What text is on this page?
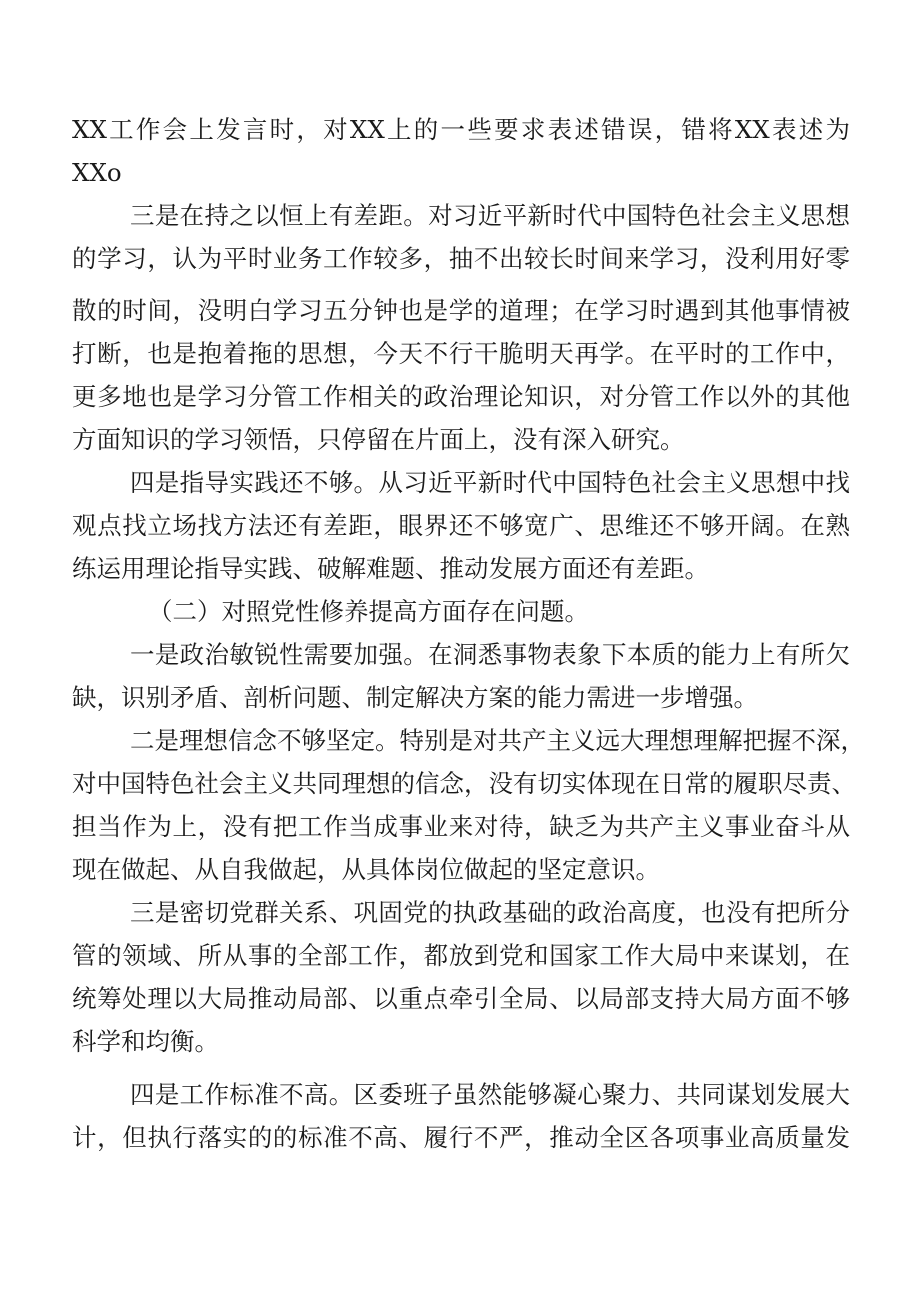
XX工作会上发言时，对XX上的一些要求表述错误，错将XX表述为
XXo
三是在持之以恒上有差距。对习近平新时代中国特色社会主义思想
的学习，认为平时业务工作较多，抽不出较长时间来学习，没利用好零
散的时间，没明白学习五分钟也是学的道理；在学习时遇到其他事情被
打断，也是抱着拖的思想，今天不行干脆明天再学。在平时的工作中，
更多地也是学习分管工作相关的政治理论知识，对分管工作以外的其他
方面知识的学习领悟，只停留在片面上，没有深入研究。
四是指导实践还不够。从习近平新时代中国特色社会主义思想中找
观点找立场找方法还有差距，眼界还不够宽广、思维还不够开阔。在熟
练运用理论指导实践、破解难题、推动发展方面还有差距。
（二）对照党性修养提高方面存在问题。
一是政治敏锐性需要加强。在洞悉事物表象下本质的能力上有所欠
缺，识别矛盾、剖析问题、制定解决方案的能力需进一步增强。
二是理想信念不够坚定。特别是对共产主义远大理想理解把握不深，
对中国特色社会主义共同理想的信念，没有切实体现在日常的履职尽责、
担当作为上，没有把工作当成事业来对待，缺乏为共产主义事业奋斗从
现在做起、从自我做起，从具体岗位做起的坚定意识。
三是密切党群关系、巩固党的执政基础的政治高度，也没有把所分
管的领域、所从事的全部工作，都放到党和国家工作大局中来谋划，在
统筹处理以大局推动局部、以重点牵引全局、以局部支持大局方面不够
科学和均衡。
四是工作标准不高。区委班子虽然能够凝心聚力、共同谋划发展大
计，但执行落实的的标准不高、履行不严，推动全区各项事业高质量发
